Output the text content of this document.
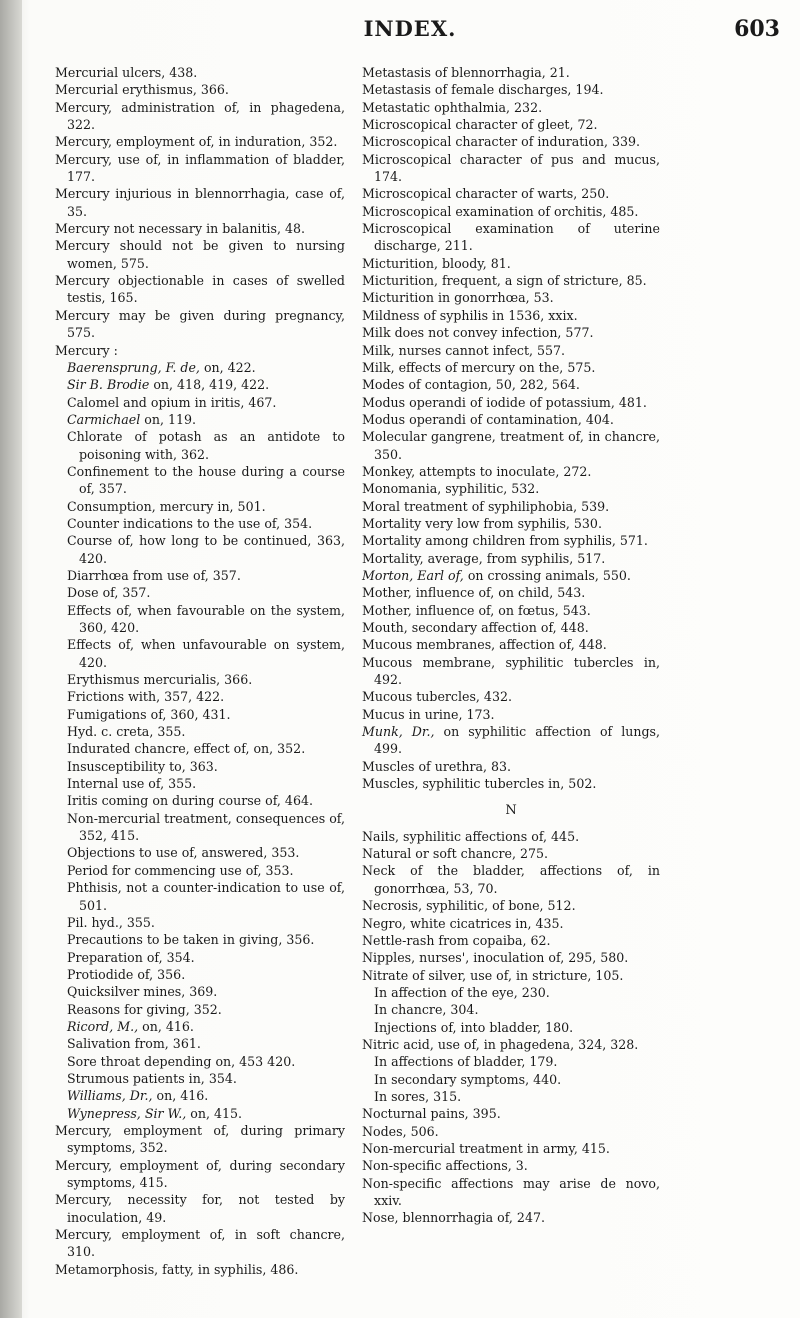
INDEX.	603

Mercurial ulcers, 438.

Mercurial erythismus, 366.

Mercury, administration of, in phagedena, 322.

Mercury, employment of, in induration, 352.

Mercury, use of, in inflammation of bladder, 177.

Mercury injurious in blennorrhagia, case of, 35.

Mercury not necessary in balanitis, 48.

Mercury should not be given to nursing women, 575.

Mercury objectionable in cases of swelled testis, 165.

Mercury may be given during pregnancy, 575.

Mercury :

Baerensprung, F. de, on, 422.

Sir B. Brodie on, 418, 419, 422.

Calomel and opium in iritis, 467.

Carmichael on, 119.

Chlorate of potash as an antidote to poisoning with, 362.

Confinement to the house during a course of, 357.

Consumption, mercury in, 501.

Counter indications to the use of, 354.

Course of, how long to be continued, 363, 420.

Diarrhœa from use of, 357.

Dose of, 357.

Effects of, when favourable on the system, 360, 420.

Effects of, when unfavourable on system, 420.

Erythismus mercurialis, 366.

Frictions with, 357, 422.

Fumigations of, 360, 431.

Hyd. c. creta, 355.

Indurated chancre, effect of, on, 352.

Insusceptibility to, 363.

Internal use of, 355.

Iritis coming on during course of, 464.

Non-mercurial treatment, consequences of, 352, 415.

Objections to use of, answered, 353.

Period for commencing use of, 353.

Phthisis, not a counter-indication to use of, 501.

Pil. hyd., 355.

Precautions to be taken in giving, 356.

Preparation of, 354.

Protiodide of, 356.

Quicksilver mines, 369.

Reasons for giving, 352.

Ricord, M., on, 416.

Salivation from, 361.

Sore throat depending on, 453 420.

Strumous patients in, 354.

Williams, Dr., on, 416.

Wynepress, Sir W., on, 415.

Mercury, employment of, during primary symptoms, 352.

Mercury, employment of, during secondary symptoms, 415.

Mercury, necessity for, not tested by inoculation, 49.

Mercury, employment of, in soft chancre, 310.

Metamorphosis, fatty, in syphilis, 486.

Metastasis of blennorrhagia, 21.

Metastasis of female discharges, 194.

Metastatic ophthalmia, 232.

Microscopical character of gleet, 72.

Microscopical character of induration, 339.

Microscopical character of pus and mucus, 174.

Microscopical character of warts, 250.

Microscopical examination of orchitis, 485.

Microscopical examination of uterine discharge, 211.

Micturition, bloody, 81.

Micturition, frequent, a sign of stricture, 85.

Micturition in gonorrhœa, 53.

Mildness of syphilis in 1536, xxix.

Milk does not convey infection, 577.

Milk, nurses cannot infect, 557.

Milk, effects of mercury on the, 575.

Modes of contagion, 50, 282, 564.

Modus operandi of iodide of potassium, 481.

Modus operandi of contamination, 404.

Molecular gangrene, treatment of, in chancre, 350.

Monkey, attempts to inoculate, 272.

Monomania, syphilitic, 532.

Moral treatment of syphiliphobia, 539.

Mortality very low from syphilis, 530.

Mortality among children from syphilis, 571.

Mortality, average, from syphilis, 517.

Morton, Earl of, on crossing animals, 550.

Mother, influence of, on child, 543.

Mother, influence of, on fœtus, 543.

Mouth, secondary affection of, 448.

Mucous membranes, affection of, 448.

Mucous membrane, syphilitic tubercles in, 492.

Mucous tubercles, 432.

Mucus in urine, 173.

Munk, Dr., on syphilitic affection of lungs, 499.

Muscles of urethra, 83.

Muscles, syphilitic tubercles in, 502.

N

Nails, syphilitic affections of, 445.

Natural or soft chancre, 275.

Neck of the bladder, affections of, in gonorrhœa, 53, 70.

Necrosis, syphilitic, of bone, 512.

Negro, white cicatrices in, 435.

Nettle-rash from copaiba, 62.

Nipples, nurses', inoculation of, 295, 580.

Nitrate of silver, use of, in stricture, 105.

In affection of the eye, 230.

In chancre, 304.

Injections of, into bladder, 180.

Nitric acid, use of, in phagedena, 324, 328.

In affections of bladder, 179.

In secondary symptoms, 440.

In sores, 315.

Nocturnal pains, 395.

Nodes, 506.

Non-mercurial treatment in army, 415.

Non-specific affections, 3.

Non-specific affections may arise de novo, xxiv.

Nose, blennorrhagia of, 247.
